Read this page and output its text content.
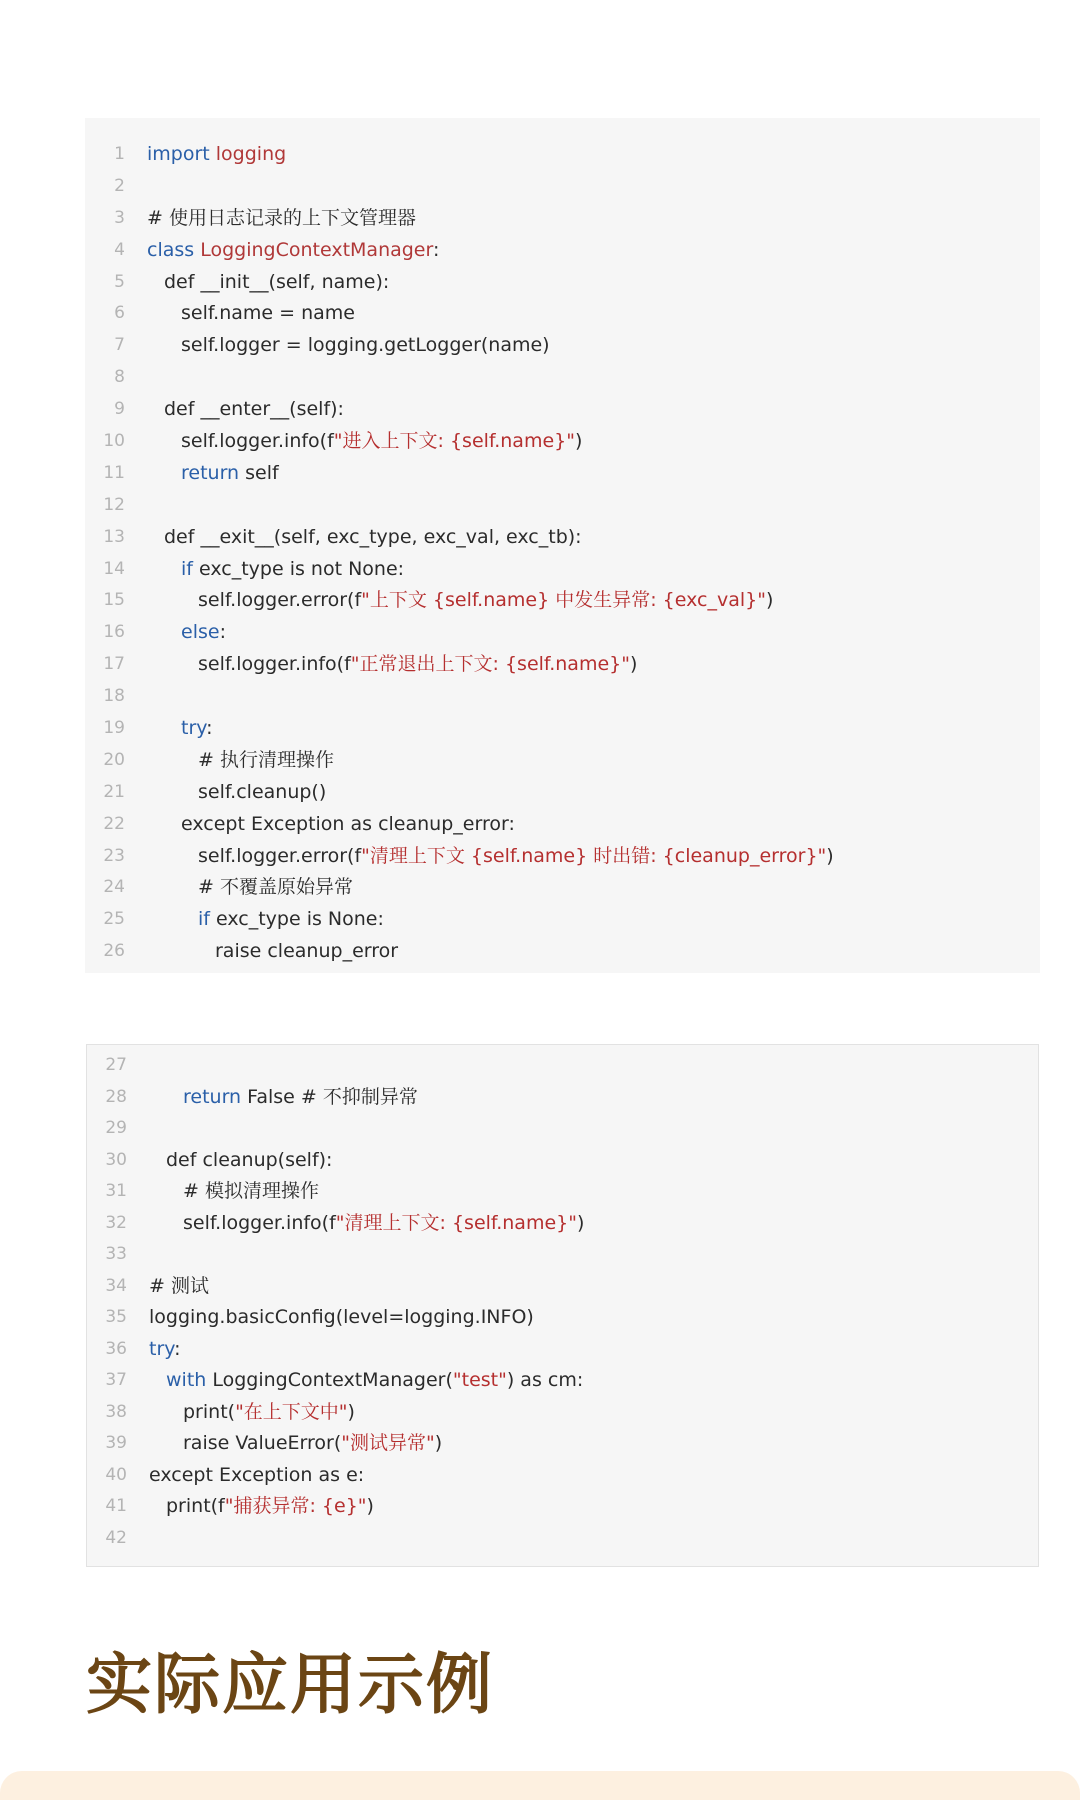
1 import logging
2
3 # 使用日志记录的上下文管理器
4 class LoggingContextManager:
5 def __init__(self, name):
6	self.name = name
7	self.logger = logging.getLogger(name)
8
9 def __enter__(self):
10	self.logger.info(f"进入上下文: {self.name}")
11	return self
12
13 def __exit__(self, exc_type, exc_val, exc_tb):
14	if exc_type is not None:
15	self.logger.error(f"上下文 {self.name} 中发生异常: {exc_val}")
16	else:
17	self.logger.info(f"正常退出上下文: {self.name}")
18
19	try:
20	# 执行清理操作
21	self.cleanup()
22	except Exception as cleanup_error:
23	self.logger.error(f"清理上下文 {self.name} 时出错: {cleanup_error}")
24	# 不覆盖原始异常
25	if exc_type is None:
26	raise cleanup_error
27
28	return False # 不抑制异常
29
30 def cleanup(self):
31	# 模拟清理操作
32	self.logger.info(f"清理上下文: {self.name}")
33
34 # 测试
35 logging.basicConfig(level=logging.INFO)
36 try:
37 with LoggingContextManager("test") as cm:
38	print("在上下文中")
39	raise ValueError("测试异常")
40 except Exception as e:
41 print(f"捕获异常: {e}")
42
实际应用示例
